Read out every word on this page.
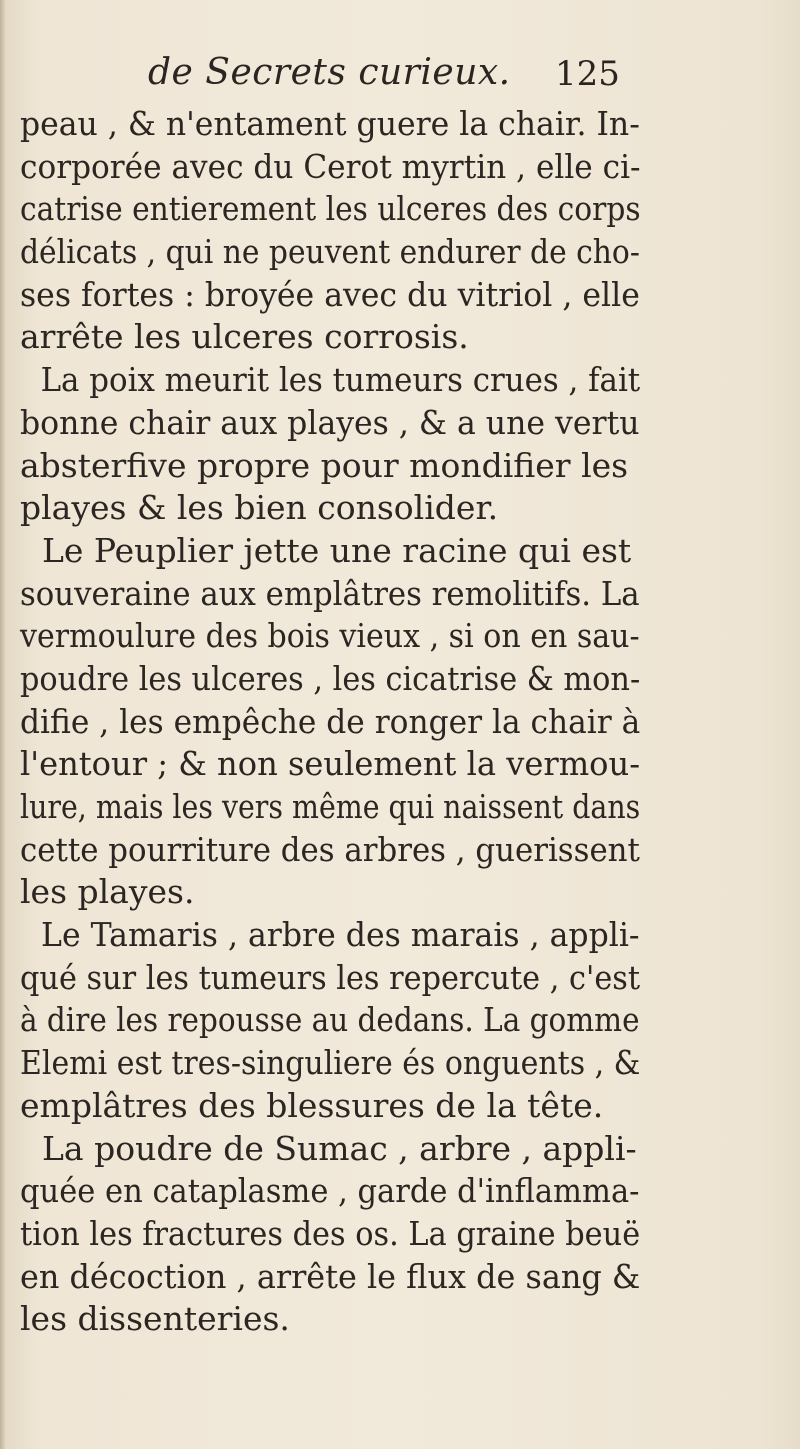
de Secrets curieux. 125
peau , & n'entament guere la chair. In-
corporée avec du Cerot myrtin , elle ci-
catrise entierement les ulceres des corps
délicats , qui ne peuvent endurer de cho-
ses fortes : broyée avec du vitriol , elle
arrête les ulceres corrosis.
La poix meurit les tumeurs crues , fait
bonne chair aux playes , & a une vertu
absterfive propre pour mondifier les
playes & les bien consolider.
Le Peuplier jette une racine qui est
souveraine aux emplâtres remolitifs. La
vermoulure des bois vieux , si on en sau-
poudre les ulceres , les cicatrise & mon-
difie , les empêche de ronger la chair à
l'entour ; & non seulement la vermou-
lure, mais les vers même qui naissent dans
cette pourriture des arbres , guerissent
les playes.
Le Tamaris , arbre des marais , appli-
qué sur les tumeurs les repercute , c'est
à dire les repousse au dedans. La gomme
Elemi est tres-singuliere és onguents , &
emplâtres des blessures de la tête.
La poudre de Sumac , arbre , appli-
quée en cataplasme , garde d'inflamma-
tion les fractures des os. La graine beuë
en décoction , arrête le flux de sang &
les dissenteries.
